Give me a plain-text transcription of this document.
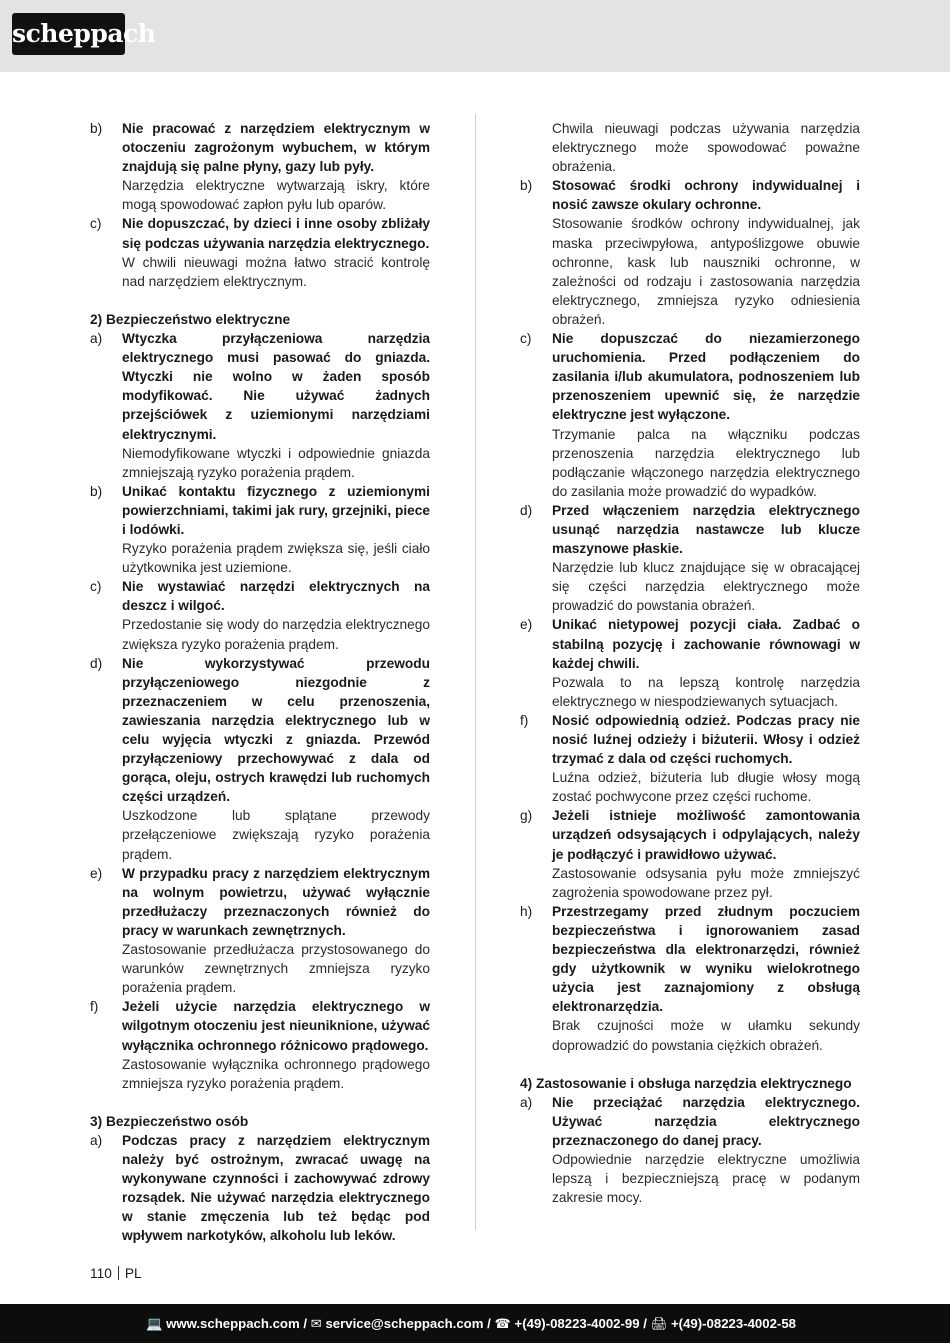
scheppach
b) Nie pracować z narzędziem elektrycznym w otoczeniu zagrożonym wybuchem, w którym znajdują się palne płyny, gazy lub pyły.
Narzędzia elektryczne wytwarzają iskry, które mogą spowodować zapłon pyłu lub oparów.
c) Nie dopuszczać, by dzieci i inne osoby zbliżały się podczas używania narzędzia elektrycznego.
W chwili nieuwagi można łatwo stracić kontrolę nad narzędziem elektrycznym.
2) Bezpieczeństwo elektryczne
a) Wtyczka przyłączeniowa narzędzia elektrycznego musi pasować do gniazda. Wtyczki nie wolno w żaden sposób modyfikować. Nie używać żadnych przejściówek z uziemionymi narzędziami elektrycznymi.
Niemodyfikowane wtyczki i odpowiednie gniazda zmniejszają ryzyko porażenia prądem.
b) Unikać kontaktu fizycznego z uziemionymi powierzchniami, takimi jak rury, grzejniki, piece i lodówki.
Ryzyko porażenia prądem zwiększa się, jeśli ciało użytkownika jest uziemione.
c) Nie wystawiać narzędzi elektrycznych na deszcz i wilgoć.
Przedostanie się wody do narzędzia elektrycznego zwiększa ryzyko porażenia prądem.
d) Nie wykorzystywać przewodu przyłączeniowego niezgodnie z przeznaczeniem w celu przenoszenia, zawieszania narzędzia elektrycznego lub w celu wyjęcia wtyczki z gniazda. Przewód przyłączeniowy przechowywać z dala od gorąca, oleju, ostrych krawędzi lub ruchomych części urządzeń.
Uszkodzone lub splątane przewody przełączeniowe zwiększają ryzyko porażenia prądem.
e) W przypadku pracy z narzędziem elektrycznym na wolnym powietrzu, używać wyłącznie przedłużaczy przeznaczonych również do pracy w warunkach zewnętrznych.
Zastosowanie przedłużacza przystosowanego do warunków zewnętrznych zmniejsza ryzyko porażenia prądem.
f) Jeżeli użycie narzędzia elektrycznego w wilgotnym otoczeniu jest nieuniknione, używać wyłącznika ochronnego różnicowo prądowego.
Zastosowanie wyłącznika ochronnego prądowego zmniejsza ryzyko porażenia prądem.
3) Bezpieczeństwo osób
a) Podczas pracy z narzędziem elektrycznym należy być ostrożnym, zwracać uwagę na wykonywane czynności i zachowywać zdrowy rozsądek. Nie używać narzędzia elektrycznego w stanie zmęczenia lub też będąc pod wpływem narkotyków, alkoholu lub leków.
Chwila nieuwagi podczas używania narzędzia elektrycznego może spowodować poważne obrażenia.
b) Stosować środki ochrony indywidualnej i nosić zawsze okulary ochronne.
Stosowanie środków ochrony indywidualnej, jak maska przeciwpyłowa, antypoślizgowe obuwie ochronne, kask lub nauszniki ochronne, w zależności od rodzaju i zastosowania narzędzia elektrycznego, zmniejsza ryzyko odniesienia obrażeń.
c) Nie dopuszczać do niezamierzonego uruchomienia. Przed podłączeniem do zasilania i/lub akumulatora, podnoszeniem lub przenoszeniem upewnić się, że narzędzie elektryczne jest wyłączone.
Trzymanie palca na włączniku podczas przenoszenia narzędzia elektrycznego lub podłączanie włączonego narzędzia elektrycznego do zasilania może prowadzić do wypadków.
d) Przed włączeniem narzędzia elektrycznego usunąć narzędzia nastawcze lub klucze maszynowe płaskie.
Narzędzie lub klucz znajdujące się w obracającej się części narzędzia elektrycznego może prowadzić do powstania obrażeń.
e) Unikać nietypowej pozycji ciała. Zadbać o stabilną pozycję i zachowanie równowagi w każdej chwili.
Pozwala to na lepszą kontrolę narzędzia elektrycznego w niespodziewanych sytuacjach.
f) Nosić odpowiednią odzież. Podczas pracy nie nosić luźnej odzieży i biżuterii. Włosy i odzież trzymać z dala od części ruchomych.
Luźna odzież, biżuteria lub długie włosy mogą zostać pochwycone przez części ruchome.
g) Jeżeli istnieje możliwość zamontowania urządzeń odsysających i odpylających, należy je podłączyć i prawidłowo używać.
Zastosowanie odsysania pyłu może zmniejszyć zagrożenia spowodowane przez pył.
h) Przestrzegamy przed złudnym poczuciem bezpieczeństwa i ignorowaniem zasad bezpieczeństwa dla elektronarzędzi, również gdy użytkownik w wyniku wielokrotnego użycia jest zaznajomiony z obsługą elektronarzędzia.
Brak czujności może w ułamku sekundy doprowadzić do powstania ciężkich obrażeń.
4) Zastosowanie i obsługa narzędzia elektrycznego
a) Nie przeciążać narzędzia elektrycznego. Używać narzędzia elektrycznego przeznaczonego do danej pracy.
Odpowiednie narzędzie elektryczne umożliwia lepszą i bezpieczniejszą pracę w podanym zakresie mocy.
110 PL
💻 www.scheppach.com / ✉ service@scheppach.com / ☎ +(49)-08223-4002-99 / 🖨 +(49)-08223-4002-58
